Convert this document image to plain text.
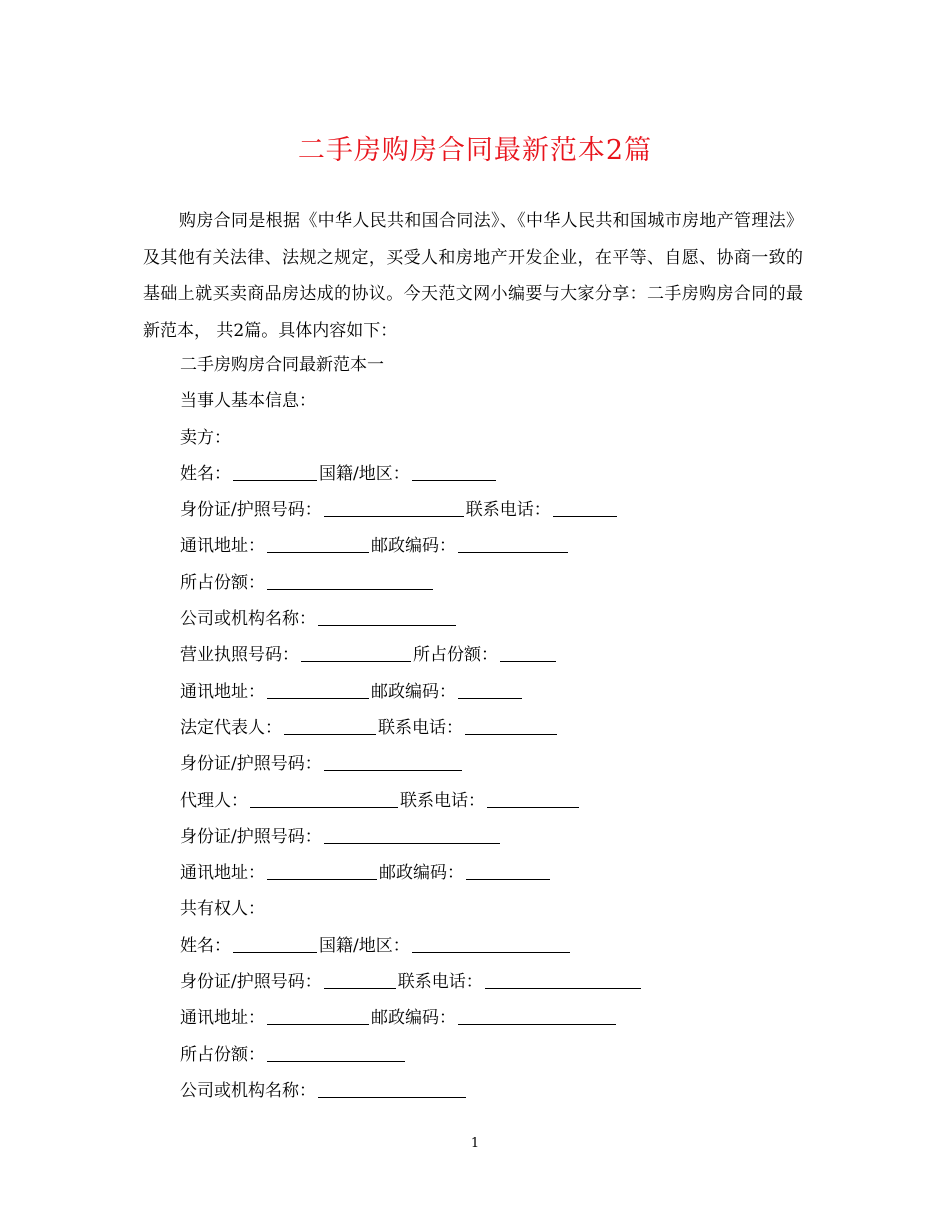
二手房购房合同最新范本2篇

购房合同是根据《中华人民共和国合同法》、《中华人民共和国城市房地产管理法》及其他有关法律、法规之规定，买受人和房地产开发企业，在平等、自愿、协商一致的基础上就买卖商品房达成的协议。今天范文网小编要与大家分享：二手房购房合同的最新范本， 共2篇。具体内容如下：

二手房购房合同最新范本一
当事人基本信息：
卖方：
姓名：	国籍/地区：
身份证/护照号码：	联系电话：
通讯地址：	邮政编码：
所占份额：
公司或机构名称：
营业执照号码：	所占份额：
通讯地址：	邮政编码：
法定代表人：	联系电话：
身份证/护照号码：
代理人：	联系电话：
身份证/护照号码：
通讯地址：	邮政编码：
共有权人：
姓名：	国籍/地区：
身份证/护照号码：	联系电话：
通讯地址：	邮政编码：
所占份额：
公司或机构名称：
1
